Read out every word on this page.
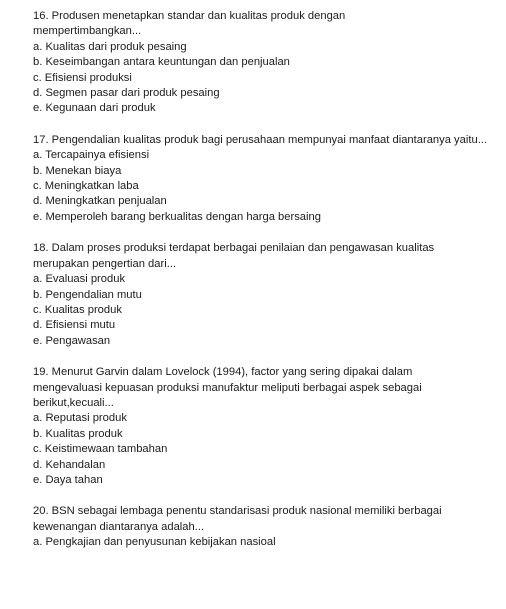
16. Produsen menetapkan standar dan kualitas produk dengan mempertimbangkan...

a. Kualitas dari produk pesaing
b. Keseimbangan antara keuntungan dan penjualan
c. Efisiensi produksi
d. Segmen pasar dari produk pesaing
e. Kegunaan dari produk

17. Pengendalian kualitas produk bagi perusahaan mempunyai manfaat diantaranya yaitu...

a. Tercapainya efisiensi
b. Menekan biaya
c. Meningkatkan laba
d. Meningkatkan penjualan
e. Memperoleh barang berkualitas dengan harga bersaing

18. Dalam proses produksi terdapat berbagai penilaian dan pengawasan kualitas merupakan pengertian dari...

a. Evaluasi produk
b. Pengendalian mutu
c. Kualitas produk
d. Efisiensi mutu
e. Pengawasan

19. Menurut Garvin dalam Lovelock (1994), factor yang sering dipakai dalam mengevaluasi kepuasan produksi manufaktur meliputi berbagai aspek sebagai berikut,kecuali...

a. Reputasi produk
b. Kualitas produk
c. Keistimewaan tambahan
d. Kehandalan
e. Daya tahan

20. BSN sebagai lembaga penentu standarisasi produk nasional memiliki berbagai kewenangan diantaranya adalah...

a. Pengkajian dan penyusunan kebijakan nasioal
